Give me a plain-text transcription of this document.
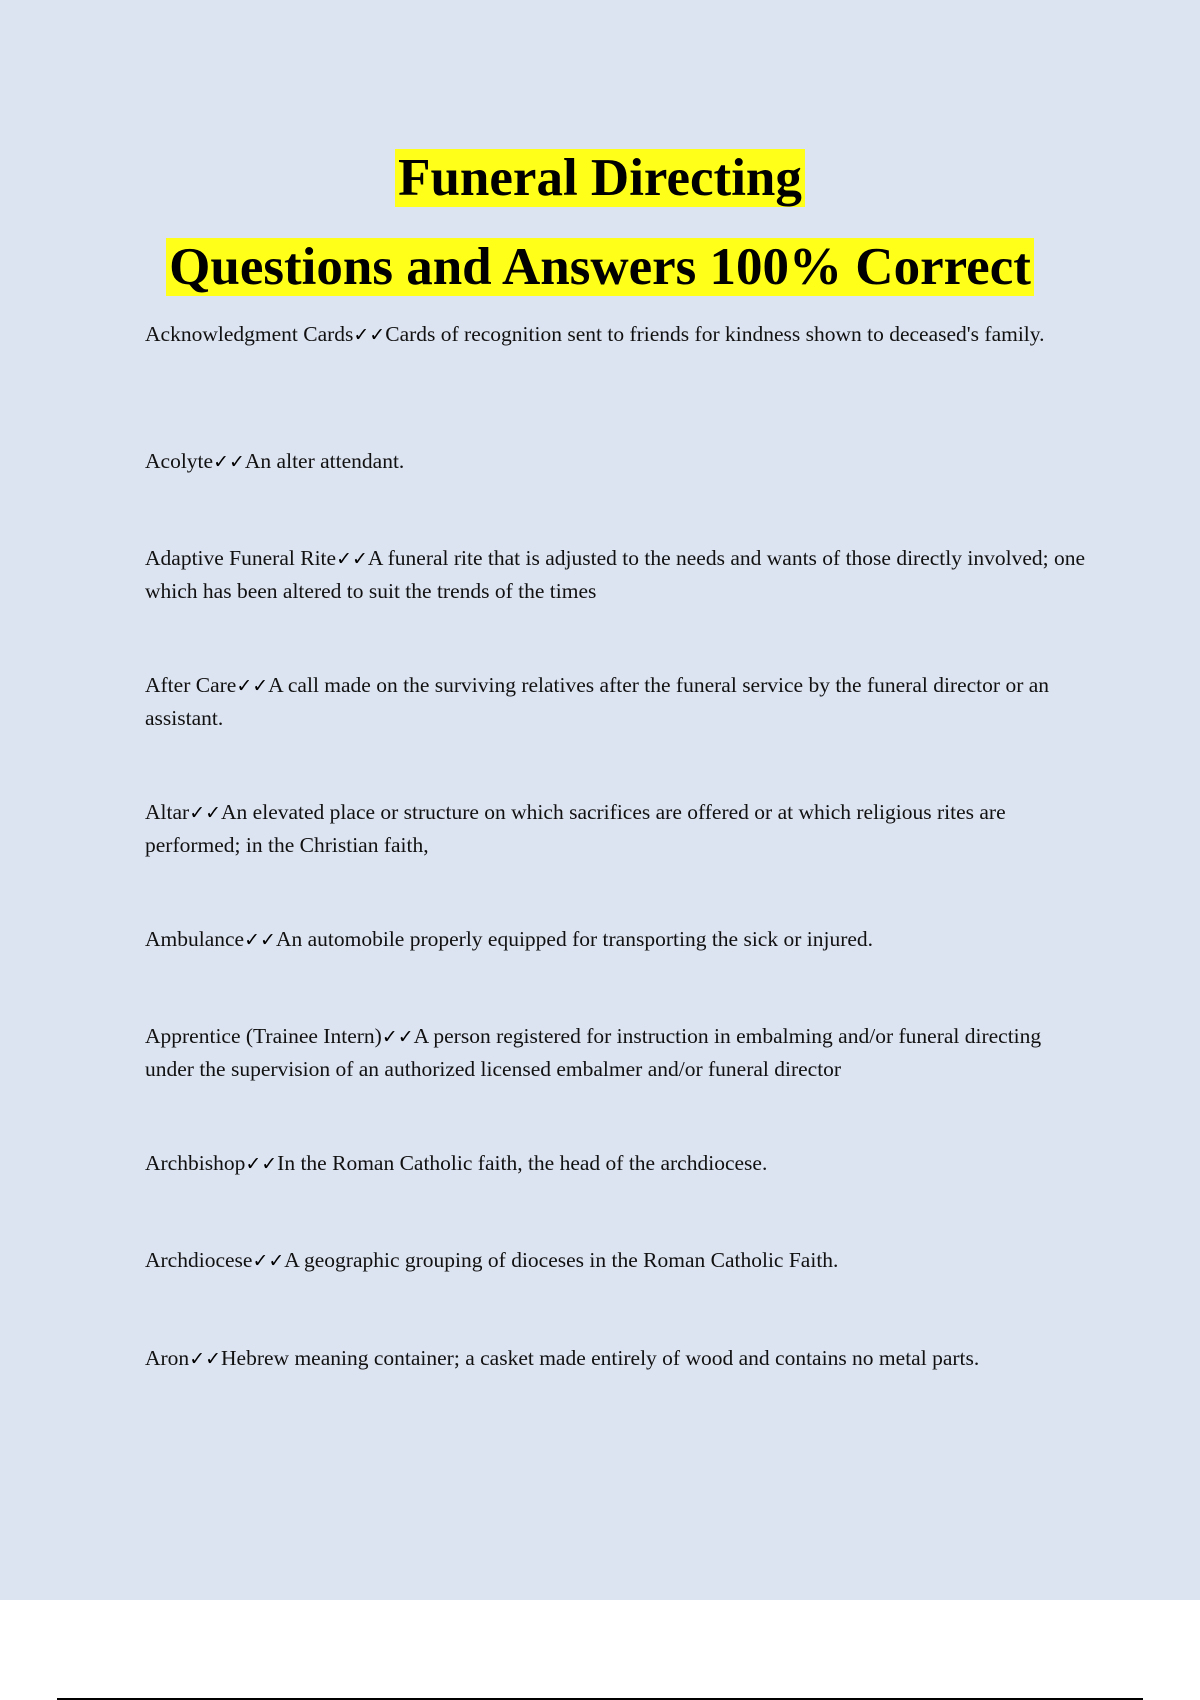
Funeral Directing
Questions and Answers 100% Correct

Acknowledgment Cards✓✓Cards of recognition sent to friends for kindness shown to deceased's family.

Acolyte✓✓An alter attendant.

Adaptive Funeral Rite✓✓A funeral rite that is adjusted to the needs and wants of those directly involved; one which has been altered to suit the trends of the times

After Care✓✓A call made on the surviving relatives after the funeral service by the funeral director or an assistant.

Altar✓✓An elevated place or structure on which sacrifices are offered or at which religious rites are performed; in the Christian faith,

Ambulance✓✓An automobile properly equipped for transporting the sick or injured.

Apprentice (Trainee Intern)✓✓A person registered for instruction in embalming and/or funeral directing under the supervision of an authorized licensed embalmer and/or funeral director

Archbishop✓✓In the Roman Catholic faith, the head of the archdiocese.

Archdiocese✓✓A geographic grouping of dioceses in the Roman Catholic Faith.

Aron✓✓Hebrew meaning container; a casket made entirely of wood and contains no metal parts.
